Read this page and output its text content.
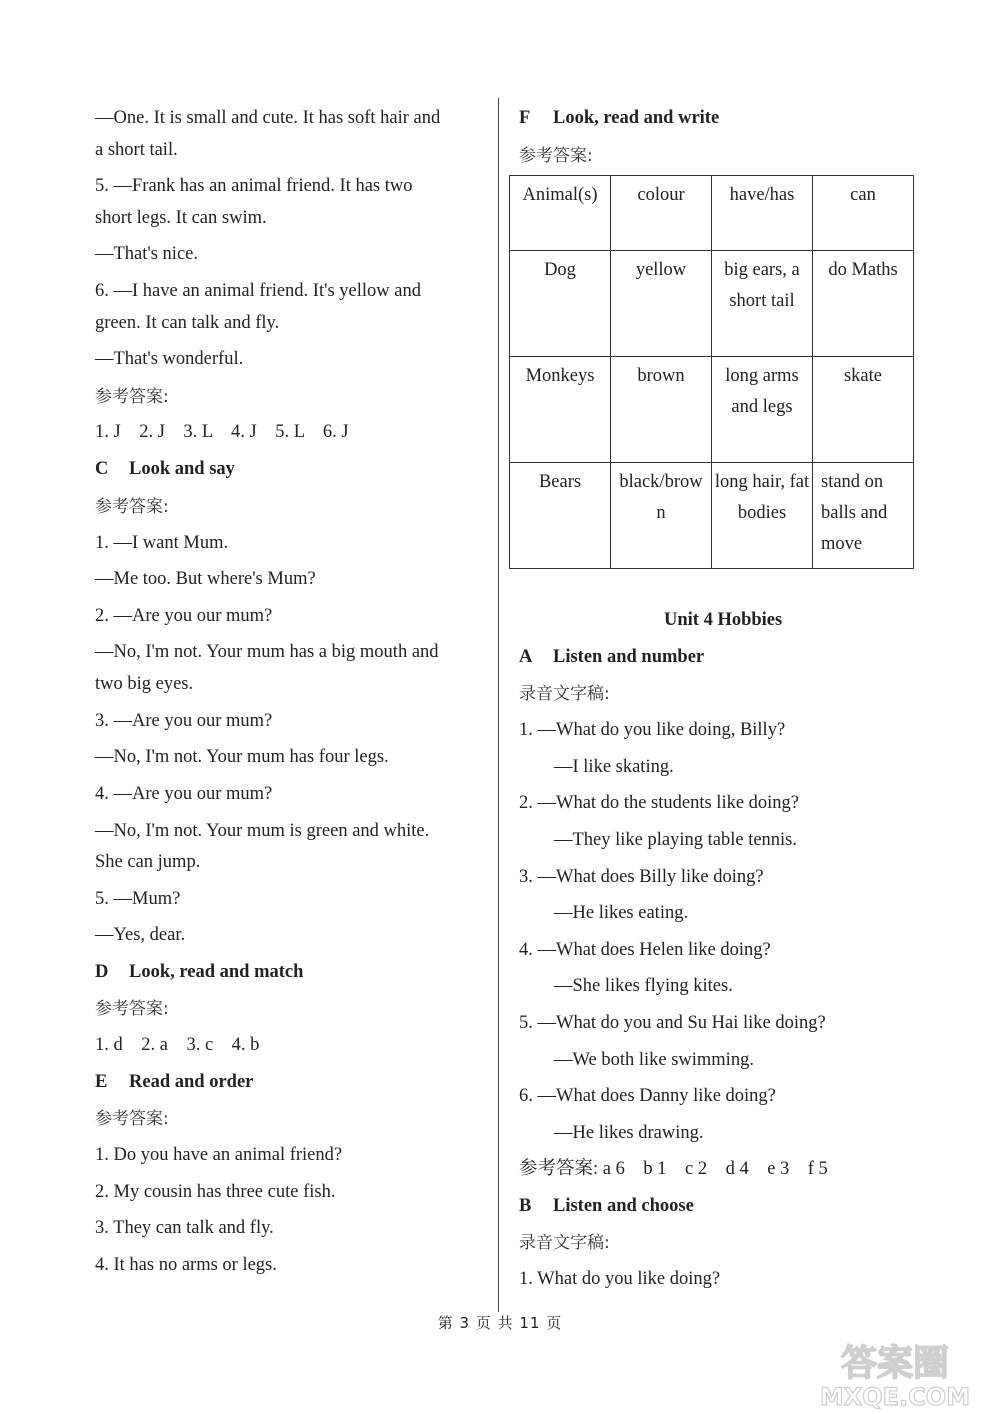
—One. It is small and cute. It has soft hair and
a short tail.
5. —Frank has an animal friend. It has two
short legs. It can swim.
—That's nice.
6. —I have an animal friend. It's yellow and
green. It can talk and fly.
—That's wonderful.
参考答案:
1. J    2. J    3. L    4. J    5. L    6. J
C Look and say
参考答案:
1. —I want Mum.
—Me too. But where's Mum?
2. —Are you our mum?
—No, I'm not. Your mum has a big mouth and
two big eyes.
3. —Are you our mum?
—No, I'm not. Your mum has four legs.
4. —Are you our mum?
—No, I'm not. Your mum is green and white.
She can jump.
5. —Mum?
—Yes, dear.
D Look, read and match
参考答案:
1. d    2. a    3. c    4. b
E Read and order
参考答案:
1. Do you have an animal friend?
2. My cousin has three cute fish.
3. They can talk and fly.
4. It has no arms or legs.
F Look, read and write
参考答案:
Unit 4 Hobbies
A Listen and number
录音文字稿:
1. —What do you like doing, Billy?
—I like skating.
2. —What do the students like doing?
—They like playing table tennis.
3. —What does Billy like doing?
—He likes eating.
4. —What does Helen like doing?
—She likes flying kites.
5. —What do you and Su Hai like doing?
—We both like swimming.
6. —What does Danny like doing?
—He likes drawing.
参考答案: a 6    b 1    c 2    d 4    e 3    f 5
B Listen and choose
录音文字稿:
1. What do you like doing?
Animal(s)	colour	have/has	can
Dog	yellow	big ears, a short tail	do Maths
Monkeys	brown	long arms and legs	skate
Bears	black/brown	long hair, fat bodies	stand on balls and move
第 3 页 共 11 页
答案圈
MXQE.COM
